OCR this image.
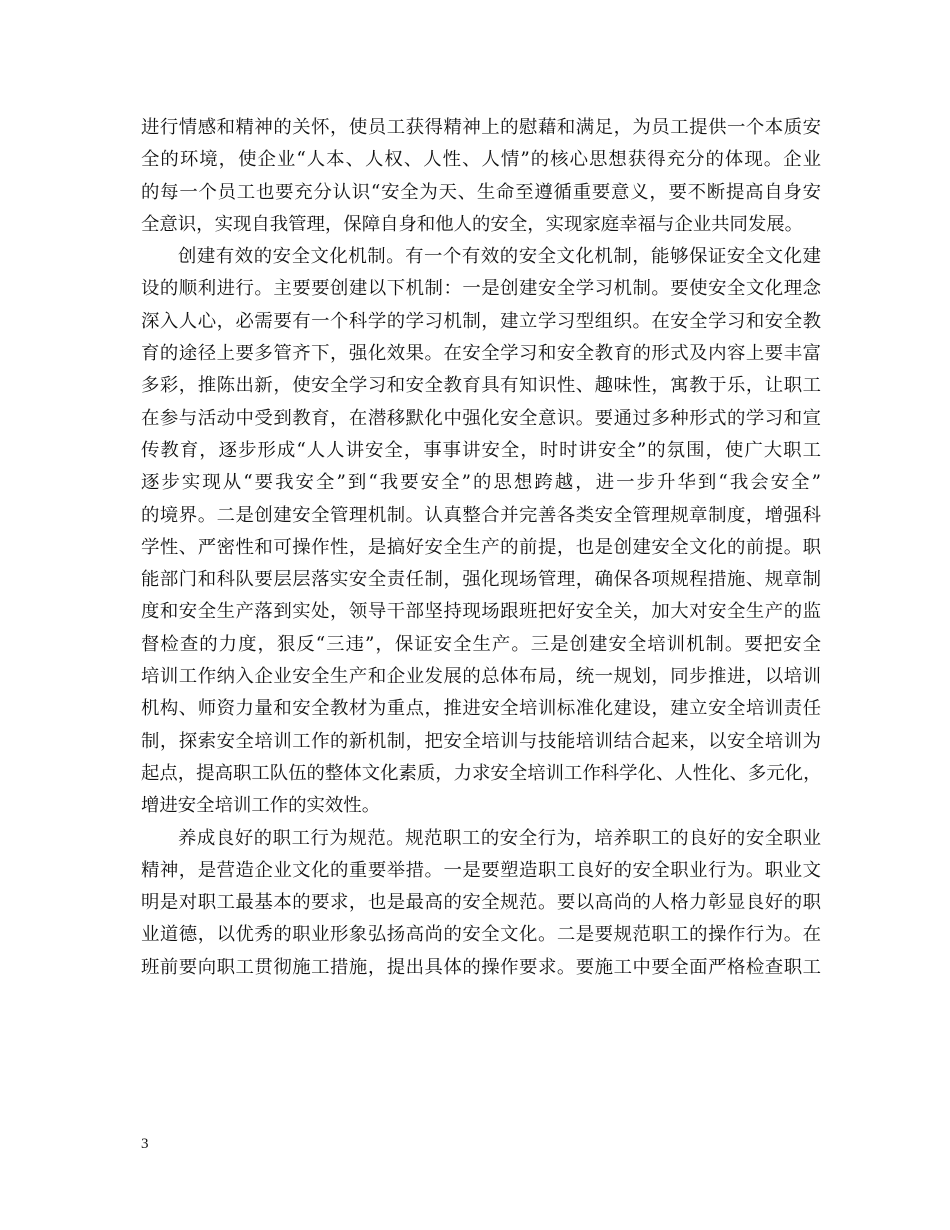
进行情感和精神的关怀，使员工获得精神上的慰藉和满足，为员工提供一个本质安
全的环境，使企业“人本、人权、人性、人情”的核心思想获得充分的体现。企业
的每一个员工也要充分认识“安全为天、生命至遵循重要意义，要不断提高自身安
全意识，实现自我管理，保障自身和他人的安全，实现家庭幸福与企业共同发展。
创建有效的安全文化机制。有一个有效的安全文化机制，能够保证安全文化建
设的顺利进行。主要要创建以下机制：一是创建安全学习机制。要使安全文化理念
深入人心，必需要有一个科学的学习机制，建立学习型组织。在安全学习和安全教
育的途径上要多管齐下，强化效果。在安全学习和安全教育的形式及内容上要丰富
多彩，推陈出新，使安全学习和安全教育具有知识性、趣味性，寓教于乐，让职工
在参与活动中受到教育，在潜移默化中强化安全意识。要通过多种形式的学习和宣
传教育，逐步形成“人人讲安全，事事讲安全，时时讲安全”的氛围，使广大职工
逐步实现从“要我安全”到“我要安全”的思想跨越，进一步升华到“我会安全”
的境界。二是创建安全管理机制。认真整合并完善各类安全管理规章制度，增强科
学性、严密性和可操作性，是搞好安全生产的前提，也是创建安全文化的前提。职
能部门和科队要层层落实安全责任制，强化现场管理，确保各项规程措施、规章制
度和安全生产落到实处，领导干部坚持现场跟班把好安全关，加大对安全生产的监
督检查的力度，狠反“三违”，保证安全生产。三是创建安全培训机制。要把安全
培训工作纳入企业安全生产和企业发展的总体布局，统一规划，同步推进，以培训
机构、师资力量和安全教材为重点，推进安全培训标准化建设，建立安全培训责任
制，探索安全培训工作的新机制，把安全培训与技能培训结合起来，以安全培训为
起点，提高职工队伍的整体文化素质，力求安全培训工作科学化、人性化、多元化，
增进安全培训工作的实效性。
养成良好的职工行为规范。规范职工的安全行为，培养职工的良好的安全职业
精神，是营造企业文化的重要举措。一是要塑造职工良好的安全职业行为。职业文
明是对职工最基本的要求，也是最高的安全规范。要以高尚的人格力彰显良好的职
业道德，以优秀的职业形象弘扬高尚的安全文化。二是要规范职工的操作行为。在
班前要向职工贯彻施工措施，提出具体的操作要求。要施工中要全面严格检查职工
3
